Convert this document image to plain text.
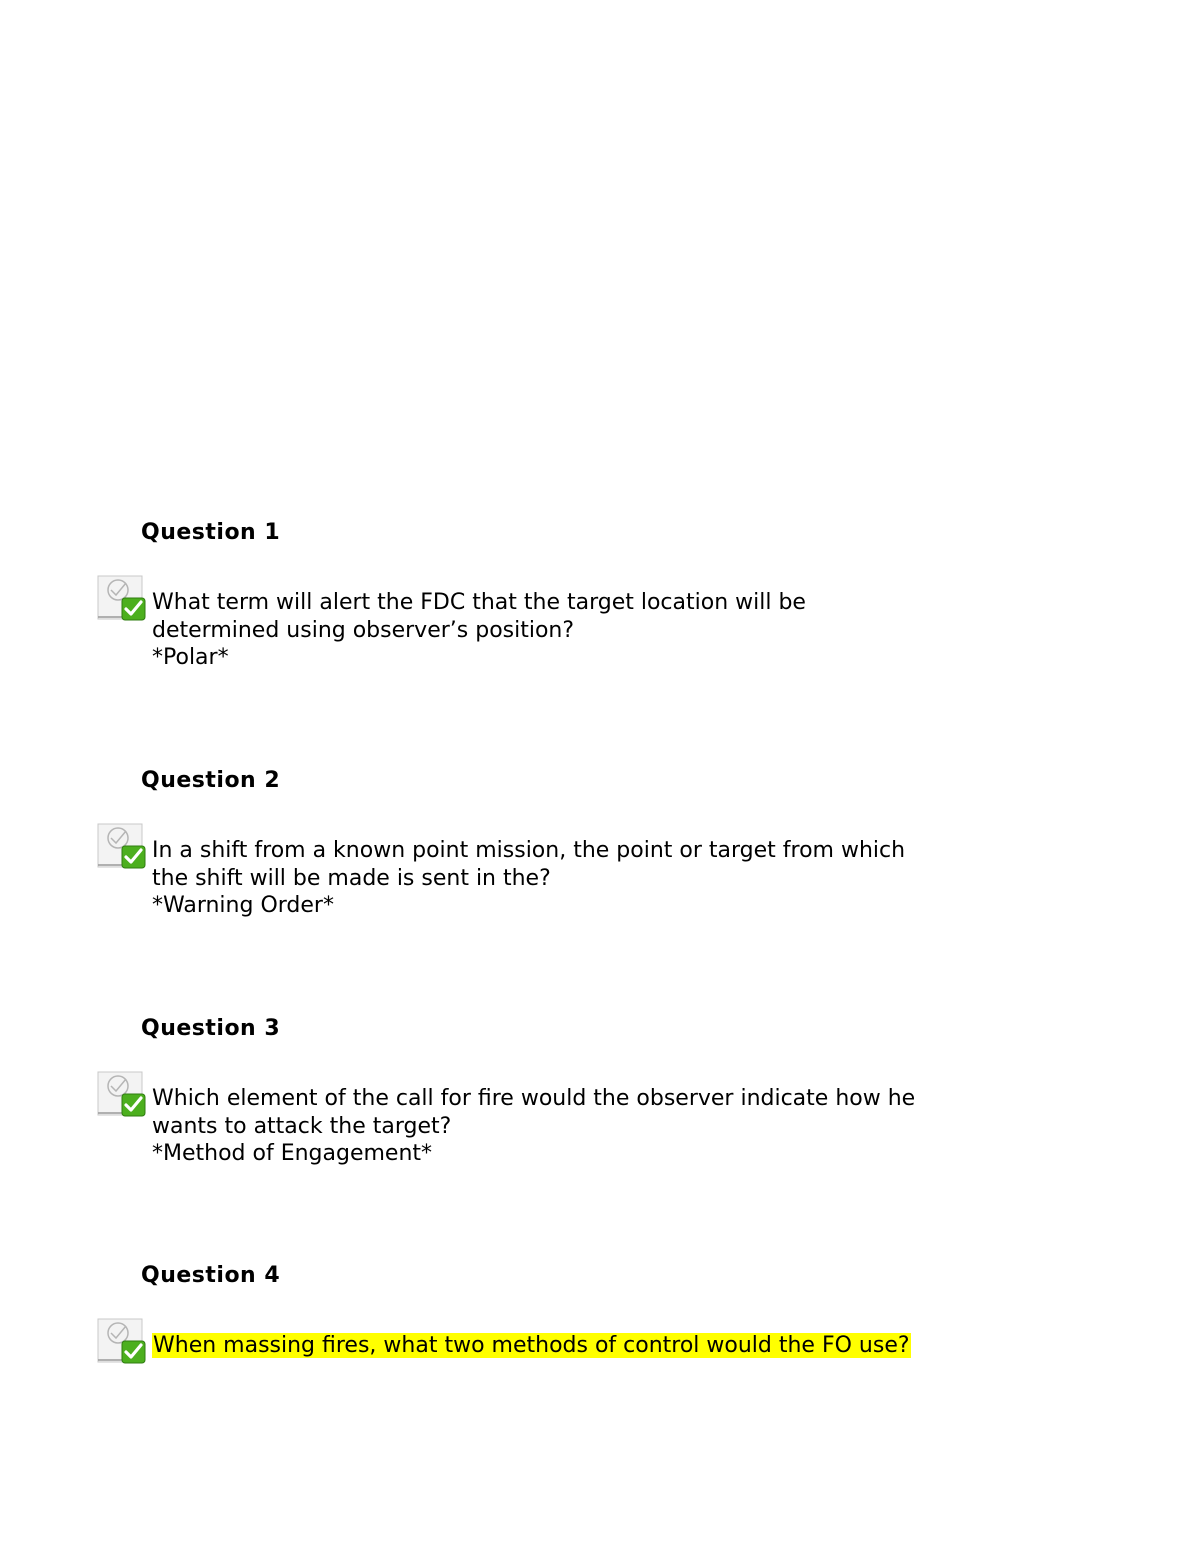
Question 1

What term will alert the FDC that the target location will be
determined using observer’s position?

*Polar*

Question 2

In a shift from a known point mission, the point or target from which
the shift will be made is sent in the?

*Warning Order*

Question 3

Which element of the call for fire would the observer indicate how he
wants to attack the target?

*Method of Engagement*

Question 4

When massing fires, what two methods of control would the FO use?
